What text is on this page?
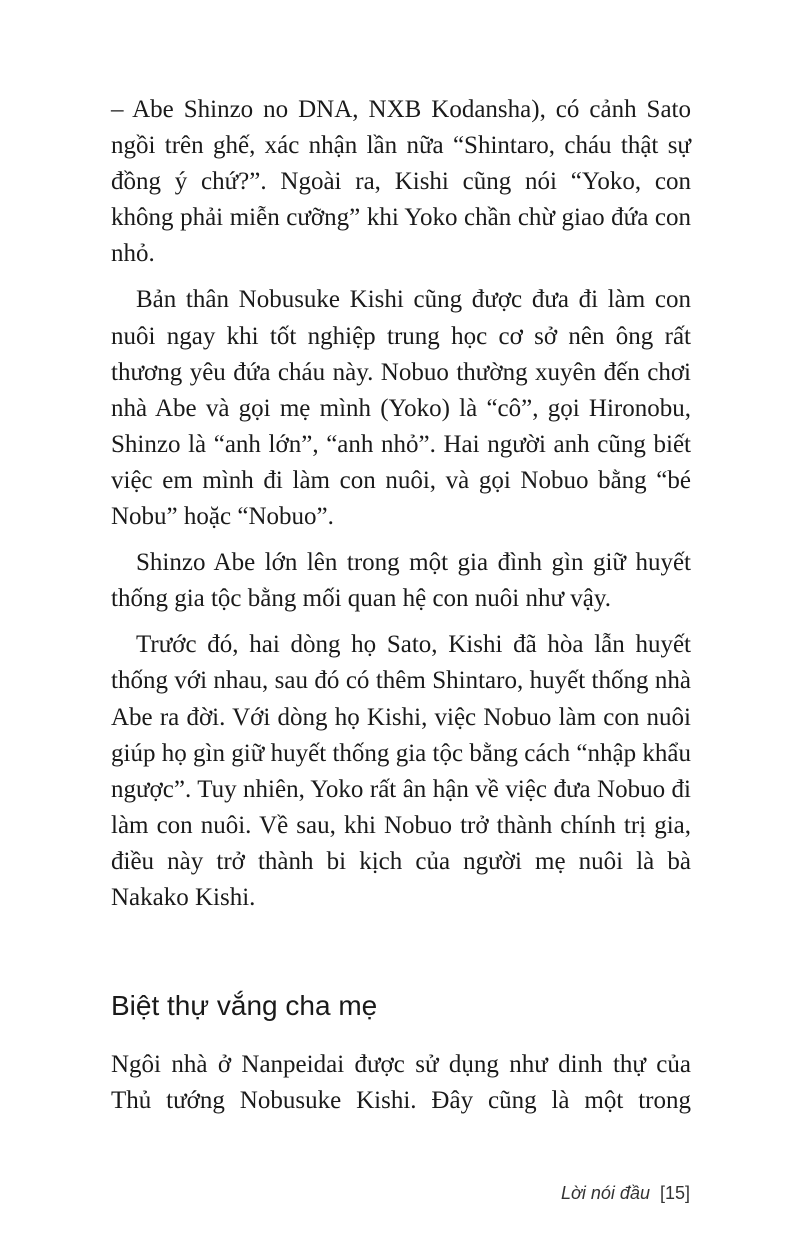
– Abe Shinzo no DNA, NXB Kodansha), có cảnh Sato ngồi trên ghế, xác nhận lần nữa “Shintaro, cháu thật sự đồng ý chứ?”. Ngoài ra, Kishi cũng nói “Yoko, con không phải miễn cưỡng” khi Yoko chần chừ giao đứa con nhỏ.

Bản thân Nobusuke Kishi cũng được đưa đi làm con nuôi ngay khi tốt nghiệp trung học cơ sở nên ông rất thương yêu đứa cháu này. Nobuo thường xuyên đến chơi nhà Abe và gọi mẹ mình (Yoko) là “cô”, gọi Hironobu, Shinzo là “anh lớn”, “anh nhỏ”. Hai người anh cũng biết việc em mình đi làm con nuôi, và gọi Nobuo bằng “bé Nobu” hoặc “Nobuo”.

Shinzo Abe lớn lên trong một gia đình gìn giữ huyết thống gia tộc bằng mối quan hệ con nuôi như vậy.

Trước đó, hai dòng họ Sato, Kishi đã hòa lẫn huyết thống với nhau, sau đó có thêm Shintaro, huyết thống nhà Abe ra đời. Với dòng họ Kishi, việc Nobuo làm con nuôi giúp họ gìn giữ huyết thống gia tộc bằng cách “nhập khẩu ngược”. Tuy nhiên, Yoko rất ân hận về việc đưa Nobuo đi làm con nuôi. Về sau, khi Nobuo trở thành chính trị gia, điều này trở thành bi kịch của người mẹ nuôi là bà Nakako Kishi.

Biệt thự vắng cha mẹ

Ngôi nhà ở Nanpeidai được sử dụng như dinh thự của Thủ tướng Nobusuke Kishi. Đây cũng là một trong

Lời nói đầu [15]
